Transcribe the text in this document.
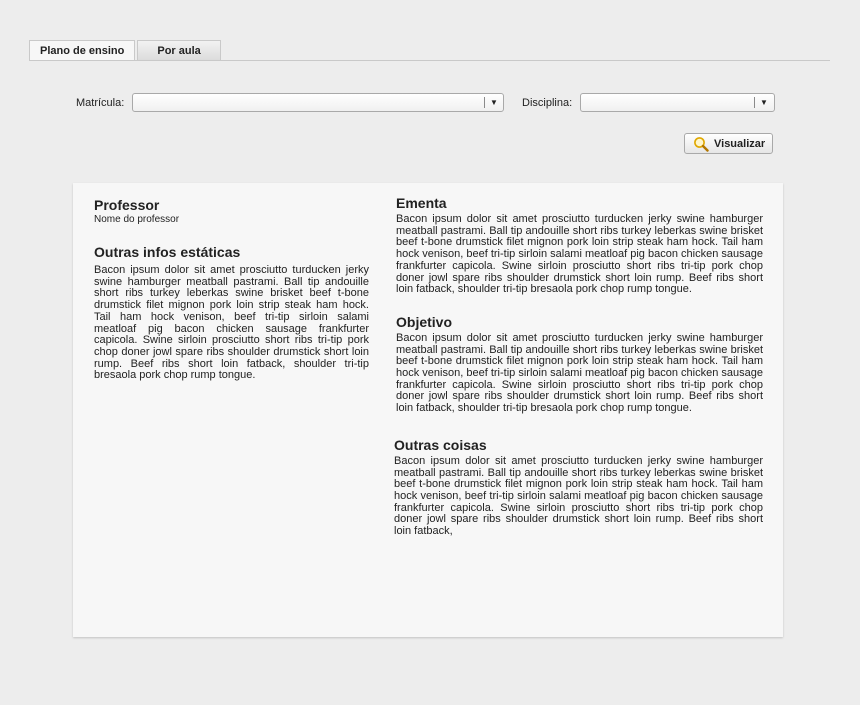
Plano de ensino	Por aula
Matrícula:	▼ Disciplina:	▼
Visualizar
Professor
Nome do professor
Outras infos estáticas

Bacon ipsum dolor sit amet prosciutto turducken jerky swine hamburger meatball pastrami. Ball tip andouille short ribs turkey leberkas swine brisket beef t-bone drumstick filet mignon pork loin strip steak ham hock. Tail ham hock venison, beef tri-tip sirloin salami meatloaf pig bacon chicken sausage frankfurter capicola. Swine sirloin prosciutto short ribs tri-tip pork chop doner jowl spare ribs shoulder drumstick short loin rump. Beef ribs short loin fatback, shoulder tri-tip bresaola pork chop rump tongue.

Ementa

Bacon ipsum dolor sit amet prosciutto turducken jerky swine hamburger meatball pastrami. Ball tip andouille short ribs turkey leberkas swine brisket beef t-bone drumstick filet mignon pork loin strip steak ham hock. Tail ham hock venison, beef tri-tip sirloin salami meatloaf pig bacon chicken sausage frankfurter capicola. Swine sirloin prosciutto short ribs tri-tip pork chop doner jowl spare ribs shoulder drumstick short loin rump. Beef ribs short loin fatback, shoulder tri-tip bresaola pork chop rump tongue.

Objetivo

Bacon ipsum dolor sit amet prosciutto turducken jerky swine hamburger meatball pastrami. Ball tip andouille short ribs turkey leberkas swine brisket beef t-bone drumstick filet mignon pork loin strip steak ham hock. Tail ham hock venison, beef tri-tip sirloin salami meatloaf pig bacon chicken sausage frankfurter capicola. Swine sirloin prosciutto short ribs tri-tip pork chop doner jowl spare ribs shoulder drumstick short loin rump. Beef ribs short loin fatback, shoulder tri-tip bresaola pork chop rump tongue.

Outras coisas

Bacon ipsum dolor sit amet prosciutto turducken jerky swine hamburger meatball pastrami. Ball tip andouille short ribs turkey leberkas swine brisket beef t-bone drumstick filet mignon pork loin strip steak ham hock. Tail ham hock venison, beef tri-tip sirloin salami meatloaf pig bacon chicken sausage frankfurter capicola. Swine sirloin prosciutto short ribs tri-tip pork chop doner jowl spare ribs shoulder drumstick short loin rump. Beef ribs short loin fatback,
